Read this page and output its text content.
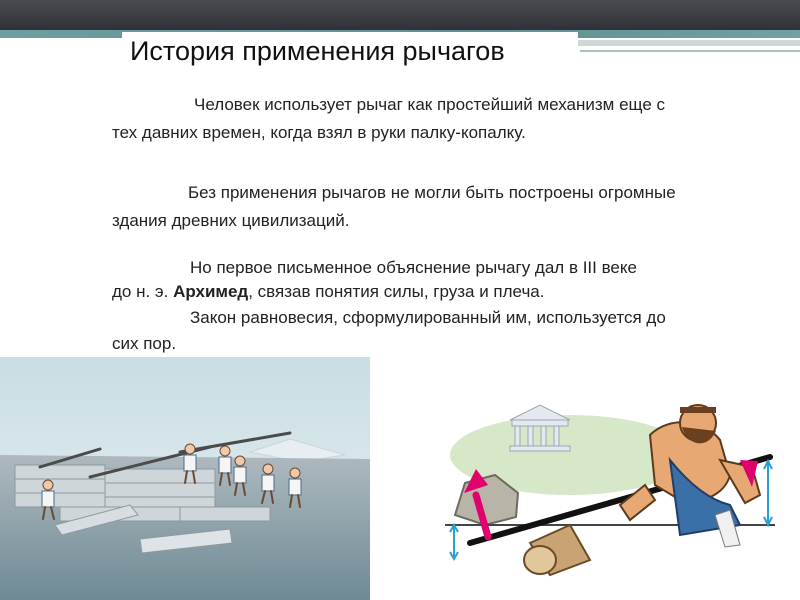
История применения рычагов
Человек использует рычаг как простейший механизм еще с
тех давних времен, когда взял в руки палку-копалку.
Без применения рычагов не могли быть построены огромные
здания древних цивилизаций.
Но первое письменное объяснение рычагу дал в III веке
до н. э. Архимед, связав понятия силы, груза и плеча.
Закон равновесия, сформулированный им, используется до
сих пор.
